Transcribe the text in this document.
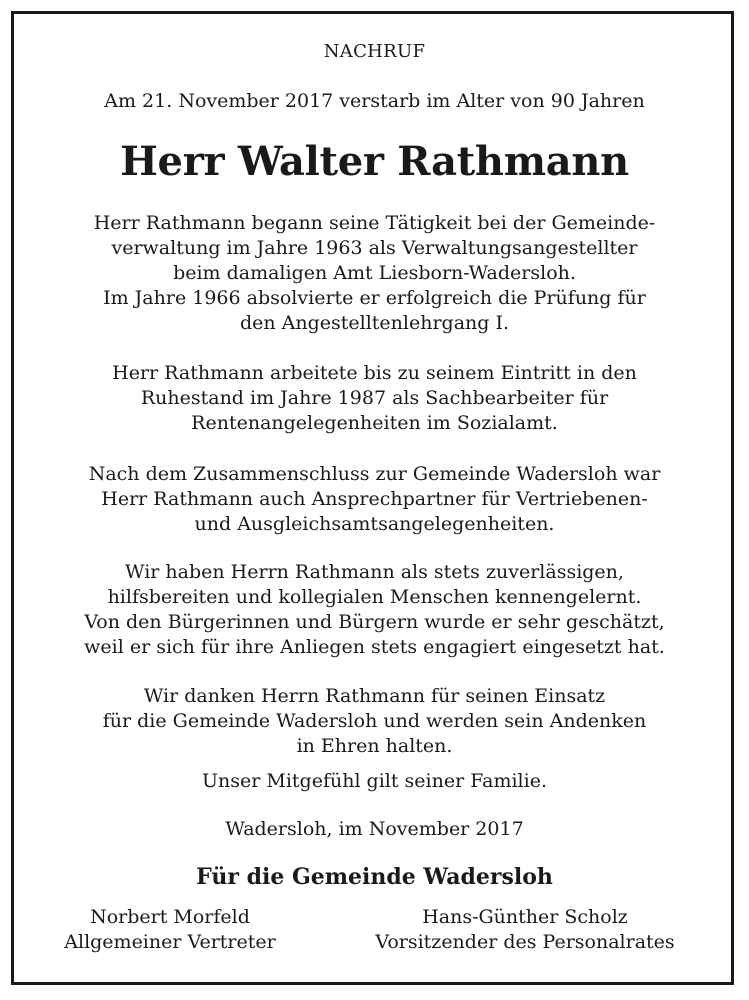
NACHRUF
Am 21. November 2017 verstarb im Alter von 90 Jahren
Herr Walter Rathmann
Herr Rathmann begann seine Tätigkeit bei der Gemeinde-
verwaltung im Jahre 1963 als Verwaltungsangestellter
beim damaligen Amt Liesborn-Wadersloh.
Im Jahre 1966 absolvierte er erfolgreich die Prüfung für
den Angestelltenlehrgang I.
Herr Rathmann arbeitete bis zu seinem Eintritt in den
Ruhestand im Jahre 1987 als Sachbearbeiter für
Rentenangelegenheiten im Sozialamt.
Nach dem Zusammenschluss zur Gemeinde Wadersloh war
Herr Rathmann auch Ansprechpartner für Vertriebenen-
und Ausgleichsamtsangelegenheiten.
Wir haben Herrn Rathmann als stets zuverlässigen,
hilfsbereiten und kollegialen Menschen kennengelernt.
Von den Bürgerinnen und Bürgern wurde er sehr geschätzt,
weil er sich für ihre Anliegen stets engagiert eingesetzt hat.
Wir danken Herrn Rathmann für seinen Einsatz
für die Gemeinde Wadersloh und werden sein Andenken
in Ehren halten.
Unser Mitgefühl gilt seiner Familie.
Wadersloh, im November 2017
Für die Gemeinde Wadersloh
Norbert Morfeld
Allgemeiner Vertreter
Hans-Günther Scholz
Vorsitzender des Personalrates
